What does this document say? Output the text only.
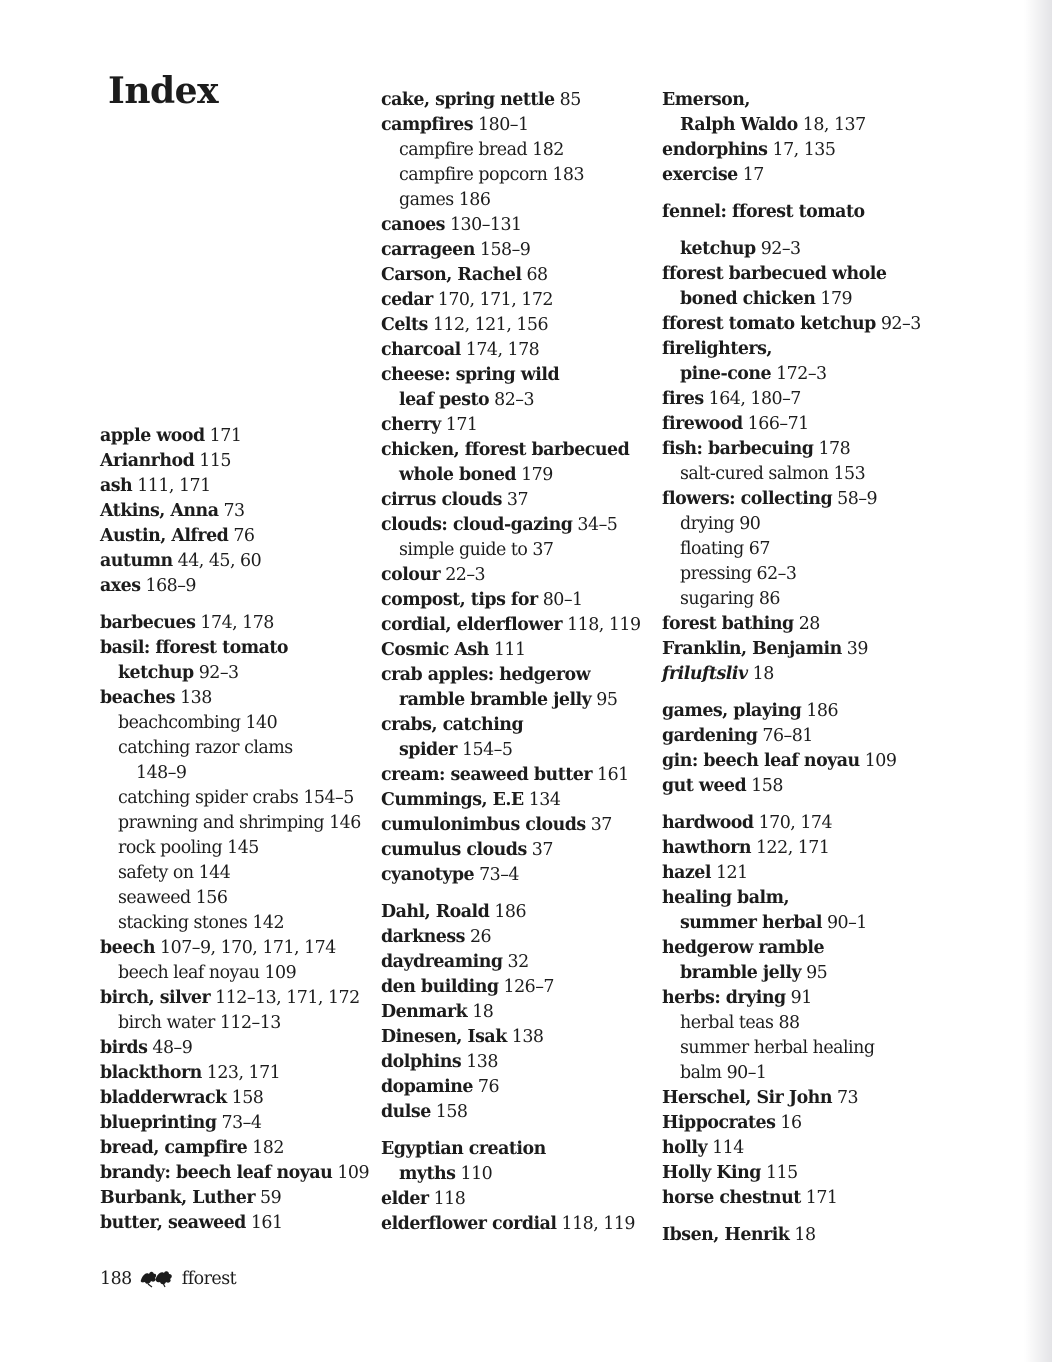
Index
apple wood 171
Arianrhod 115
ash 111, 171
Atkins, Anna 73
Austin, Alfred 76
autumn 44, 45, 60
axes 168–9
barbecues 174, 178
basil: fforest tomato
ketchup 92–3
beaches 138
beachcombing 140
catching razor clams
148–9
catching spider crabs 154–5
prawning and shrimping 146
rock pooling 145
safety on 144
seaweed 156
stacking stones 142
beech 107–9, 170, 171, 174
beech leaf noyau 109
birch, silver 112–13, 171, 172
birch water 112–13
birds 48–9
blackthorn 123, 171
bladderwrack 158
blueprinting 73–4
bread, campfire 182
brandy: beech leaf noyau 109
Burbank, Luther 59
butter, seaweed 161
cake, spring nettle 85
campfires 180–1
campfire bread 182
campfire popcorn 183
games 186
canoes 130–131
carrageen 158–9
Carson, Rachel 68
cedar 170, 171, 172
Celts 112, 121, 156
charcoal 174, 178
cheese: spring wild
leaf pesto 82–3
cherry 171
chicken, fforest barbecued
whole boned 179
cirrus clouds 37
clouds: cloud-gazing 34–5
simple guide to 37
colour 22–3
compost, tips for 80–1
cordial, elderflower 118, 119
Cosmic Ash 111
crab apples: hedgerow
ramble bramble jelly 95
crabs, catching
spider 154–5
cream: seaweed butter 161
Cummings, E.E 134
cumulonimbus clouds 37
cumulus clouds 37
cyanotype 73–4
Dahl, Roald 186
darkness 26
daydreaming 32
den building 126–7
Denmark 18
Dinesen, Isak 138
dolphins 138
dopamine 76
dulse 158
Egyptian creation
myths 110
elder 118
elderflower cordial 118, 119
Emerson,
Ralph Waldo 18, 137
endorphins 17, 135
exercise 17
fennel: fforest tomato
ketchup 92–3
fforest barbecued whole
boned chicken 179
fforest tomato ketchup 92–3
firelighters,
pine-cone 172–3
fires 164, 180–7
firewood 166–71
fish: barbecuing 178
salt-cured salmon 153
flowers: collecting 58–9
drying 90
floating 67
pressing 62–3
sugaring 86
forest bathing 28
Franklin, Benjamin 39
friluftsliv 18
games, playing 186
gardening 76–81
gin: beech leaf noyau 109
gut weed 158
hardwood 170, 174
hawthorn 122, 171
hazel 121
healing balm,
summer herbal 90–1
hedgerow ramble
bramble jelly 95
herbs: drying 91
herbal teas 88
summer herbal healing
balm 90–1
Herschel, Sir John 73
Hippocrates 16
holly 114
Holly King 115
horse chestnut 171
Ibsen, Henrik 18
188	fforest
